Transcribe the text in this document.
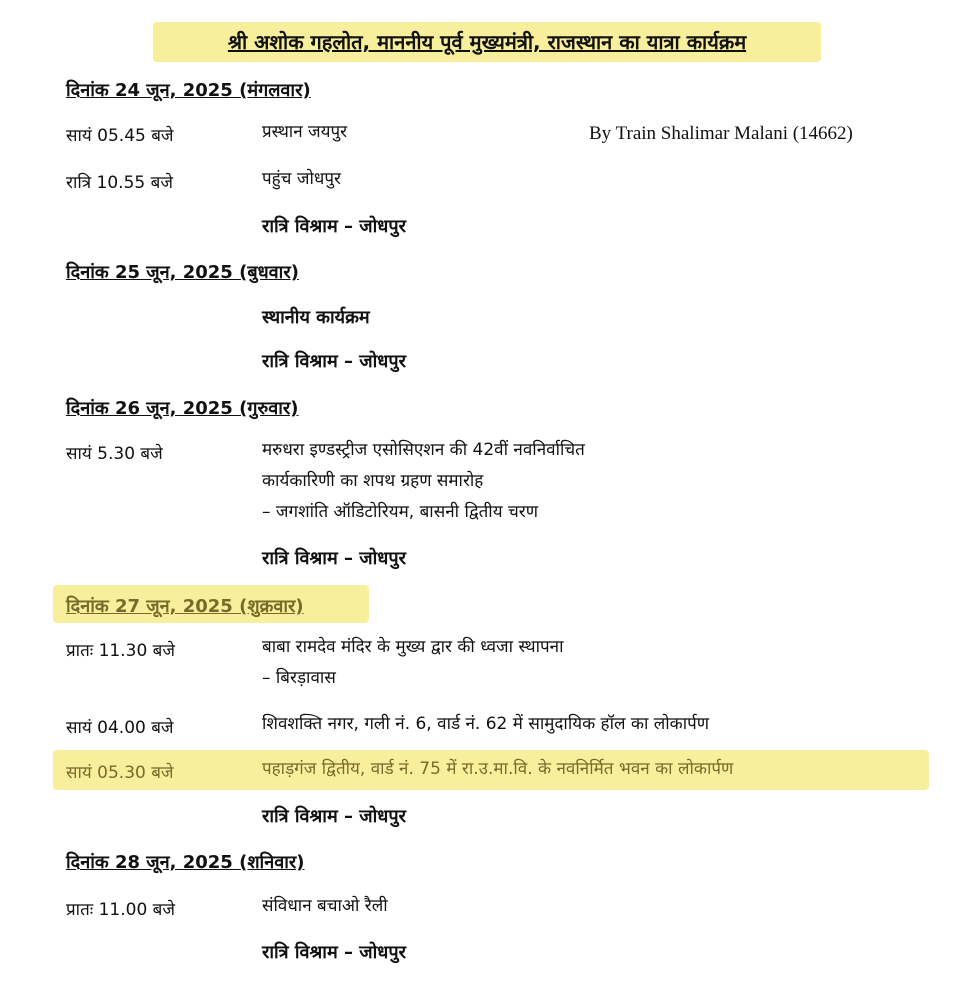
श्री अशोक गहलोत, माननीय पूर्व मुख्यमंत्री, राजस्थान का यात्रा कार्यक्रम
दिनांक 24 जून, 2025 (मंगलवार)
सायं 05.45 बजे	प्रस्थान जयपुर	By Train Shalimar Malani (14662)
रात्रि 10.55 बजे	पहुंच जोधपुर
रात्रि विश्राम – जोधपुर
दिनांक 25 जून, 2025 (बुधवार)
स्थानीय कार्यक्रम
रात्रि विश्राम – जोधपुर
दिनांक 26 जून, 2025 (गुरुवार)
सायं 5.30 बजे	मरुधरा इण्डस्ट्रीज एसोसिएशन की 42वीं नवनिर्वाचित
कार्यकारिणी का शपथ ग्रहण समारोह
– जगशांति ऑडिटोरियम, बासनी द्वितीय चरण
रात्रि विश्राम – जोधपुर
दिनांक 27 जून, 2025 (शुक्रवार)
प्रातः 11.30 बजे	बाबा रामदेव मंदिर के मुख्य द्वार की ध्वजा स्थापना
– बिरड़ावास
सायं 04.00 बजे	शिवशक्ति नगर, गली नं. 6, वार्ड नं. 62 में सामुदायिक हॉल का लोकार्पण
सायं 05.30 बजे	पहाड़गंज द्वितीय, वार्ड नं. 75 में रा.उ.मा.वि. के नवनिर्मित भवन का लोकार्पण
रात्रि विश्राम – जोधपुर
दिनांक 28 जून, 2025 (शनिवार)
प्रातः 11.00 बजे	संविधान बचाओ रैली
रात्रि विश्राम – जोधपुर
